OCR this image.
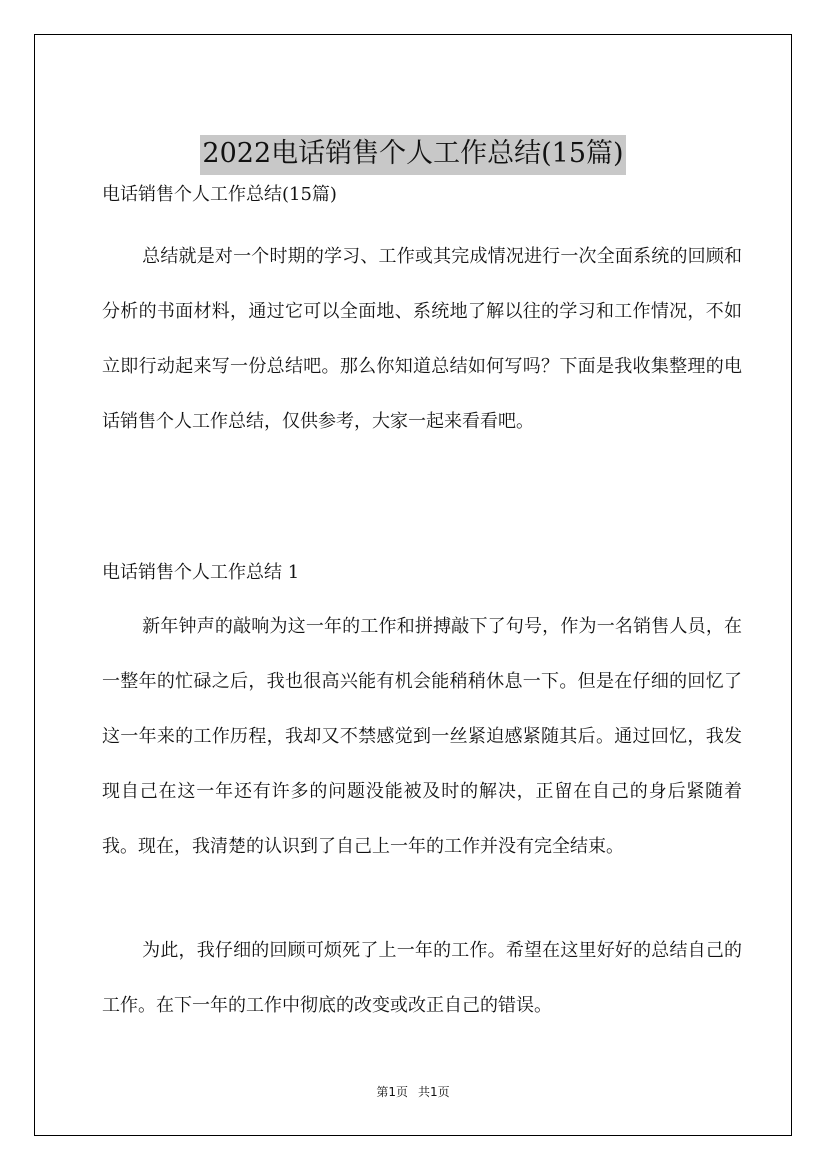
2022电话销售个人工作总结(15篇)
电话销售个人工作总结(15篇)
总结就是对一个时期的学习、工作或其完成情况进行一次全面系统的回顾和分析的书面材料，通过它可以全面地、系统地了解以往的学习和工作情况，不如立即行动起来写一份总结吧。那么你知道总结如何写吗？下面是我收集整理的电话销售个人工作总结，仅供参考，大家一起来看看吧。
电话销售个人工作总结 1
新年钟声的敲响为这一年的工作和拼搏敲下了句号，作为一名销售人员，在一整年的忙碌之后，我也很高兴能有机会能稍稍休息一下。但是在仔细的回忆了这一年来的工作历程，我却又不禁感觉到一丝紧迫感紧随其后。通过回忆，我发现自己在这一年还有许多的问题没能被及时的解决，正留在自己的身后紧随着我。现在，我清楚的认识到了自己上一年的工作并没有完全结束。
为此，我仔细的回顾可烦死了上一年的工作。希望在这里好好的总结自己的工作。在下一年的工作中彻底的改变或改正自己的错误。
第1页 共1页
